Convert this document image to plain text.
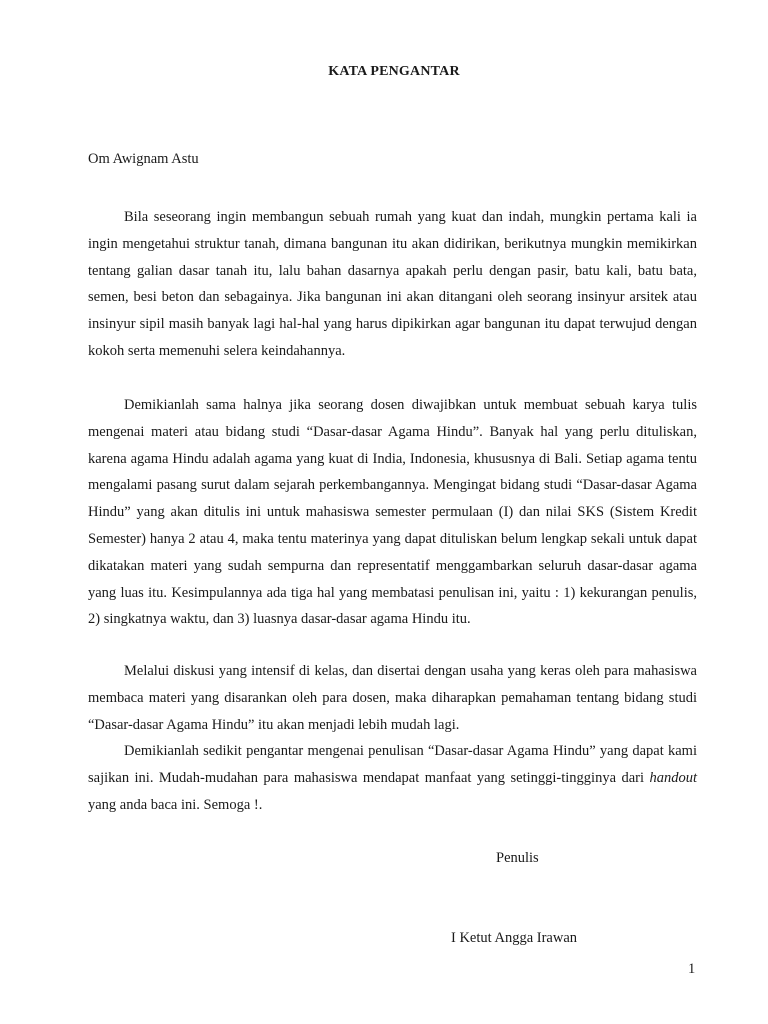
KATA PENGANTAR
Om Awignam Astu

Bila seseorang ingin membangun sebuah rumah yang kuat dan indah, mungkin pertama kali ia ingin mengetahui struktur tanah, dimana bangunan itu akan didirikan, berikutnya mungkin memikirkan tentang galian dasar tanah itu, lalu bahan dasarnya apakah perlu dengan pasir, batu kali, batu bata, semen, besi beton dan sebagainya. Jika bangunan ini akan ditangani oleh seorang insinyur arsitek atau insinyur sipil masih banyak lagi hal-hal yang harus dipikirkan agar bangunan itu dapat terwujud dengan kokoh serta memenuhi selera keindahannya.

Demikianlah sama halnya jika seorang dosen diwajibkan untuk membuat sebuah karya tulis mengenai materi atau bidang studi “Dasar-dasar Agama Hindu”. Banyak hal yang perlu dituliskan, karena agama Hindu adalah agama yang kuat di India, Indonesia, khususnya di Bali. Setiap agama tentu mengalami pasang surut dalam sejarah perkembangannya. Mengingat bidang studi “Dasar-dasar Agama Hindu” yang akan ditulis ini untuk mahasiswa semester permulaan (I) dan nilai SKS (Sistem Kredit Semester) hanya 2 atau 4, maka tentu materinya yang dapat dituliskan belum lengkap sekali untuk dapat dikatakan materi yang sudah sempurna dan representatif menggambarkan seluruh dasar-dasar agama yang luas itu. Kesimpulannya ada tiga hal yang membatasi penulisan ini, yaitu : 1) kekurangan penulis, 2) singkatnya waktu, dan 3) luasnya dasar-dasar agama Hindu itu.

Melalui diskusi yang intensif di kelas, dan disertai dengan usaha yang keras oleh para mahasiswa membaca materi yang disarankan oleh para dosen, maka diharapkan pemahaman tentang bidang studi “Dasar-dasar Agama Hindu” itu akan menjadi lebih mudah lagi.

Demikianlah sedikit pengantar mengenai penulisan “Dasar-dasar Agama Hindu” yang dapat kami sajikan ini. Mudah-mudahan para mahasiswa mendapat manfaat yang setinggi-tingginya dari handout yang anda baca ini. Semoga !.

Penulis
I Ketut Angga Irawan
1
